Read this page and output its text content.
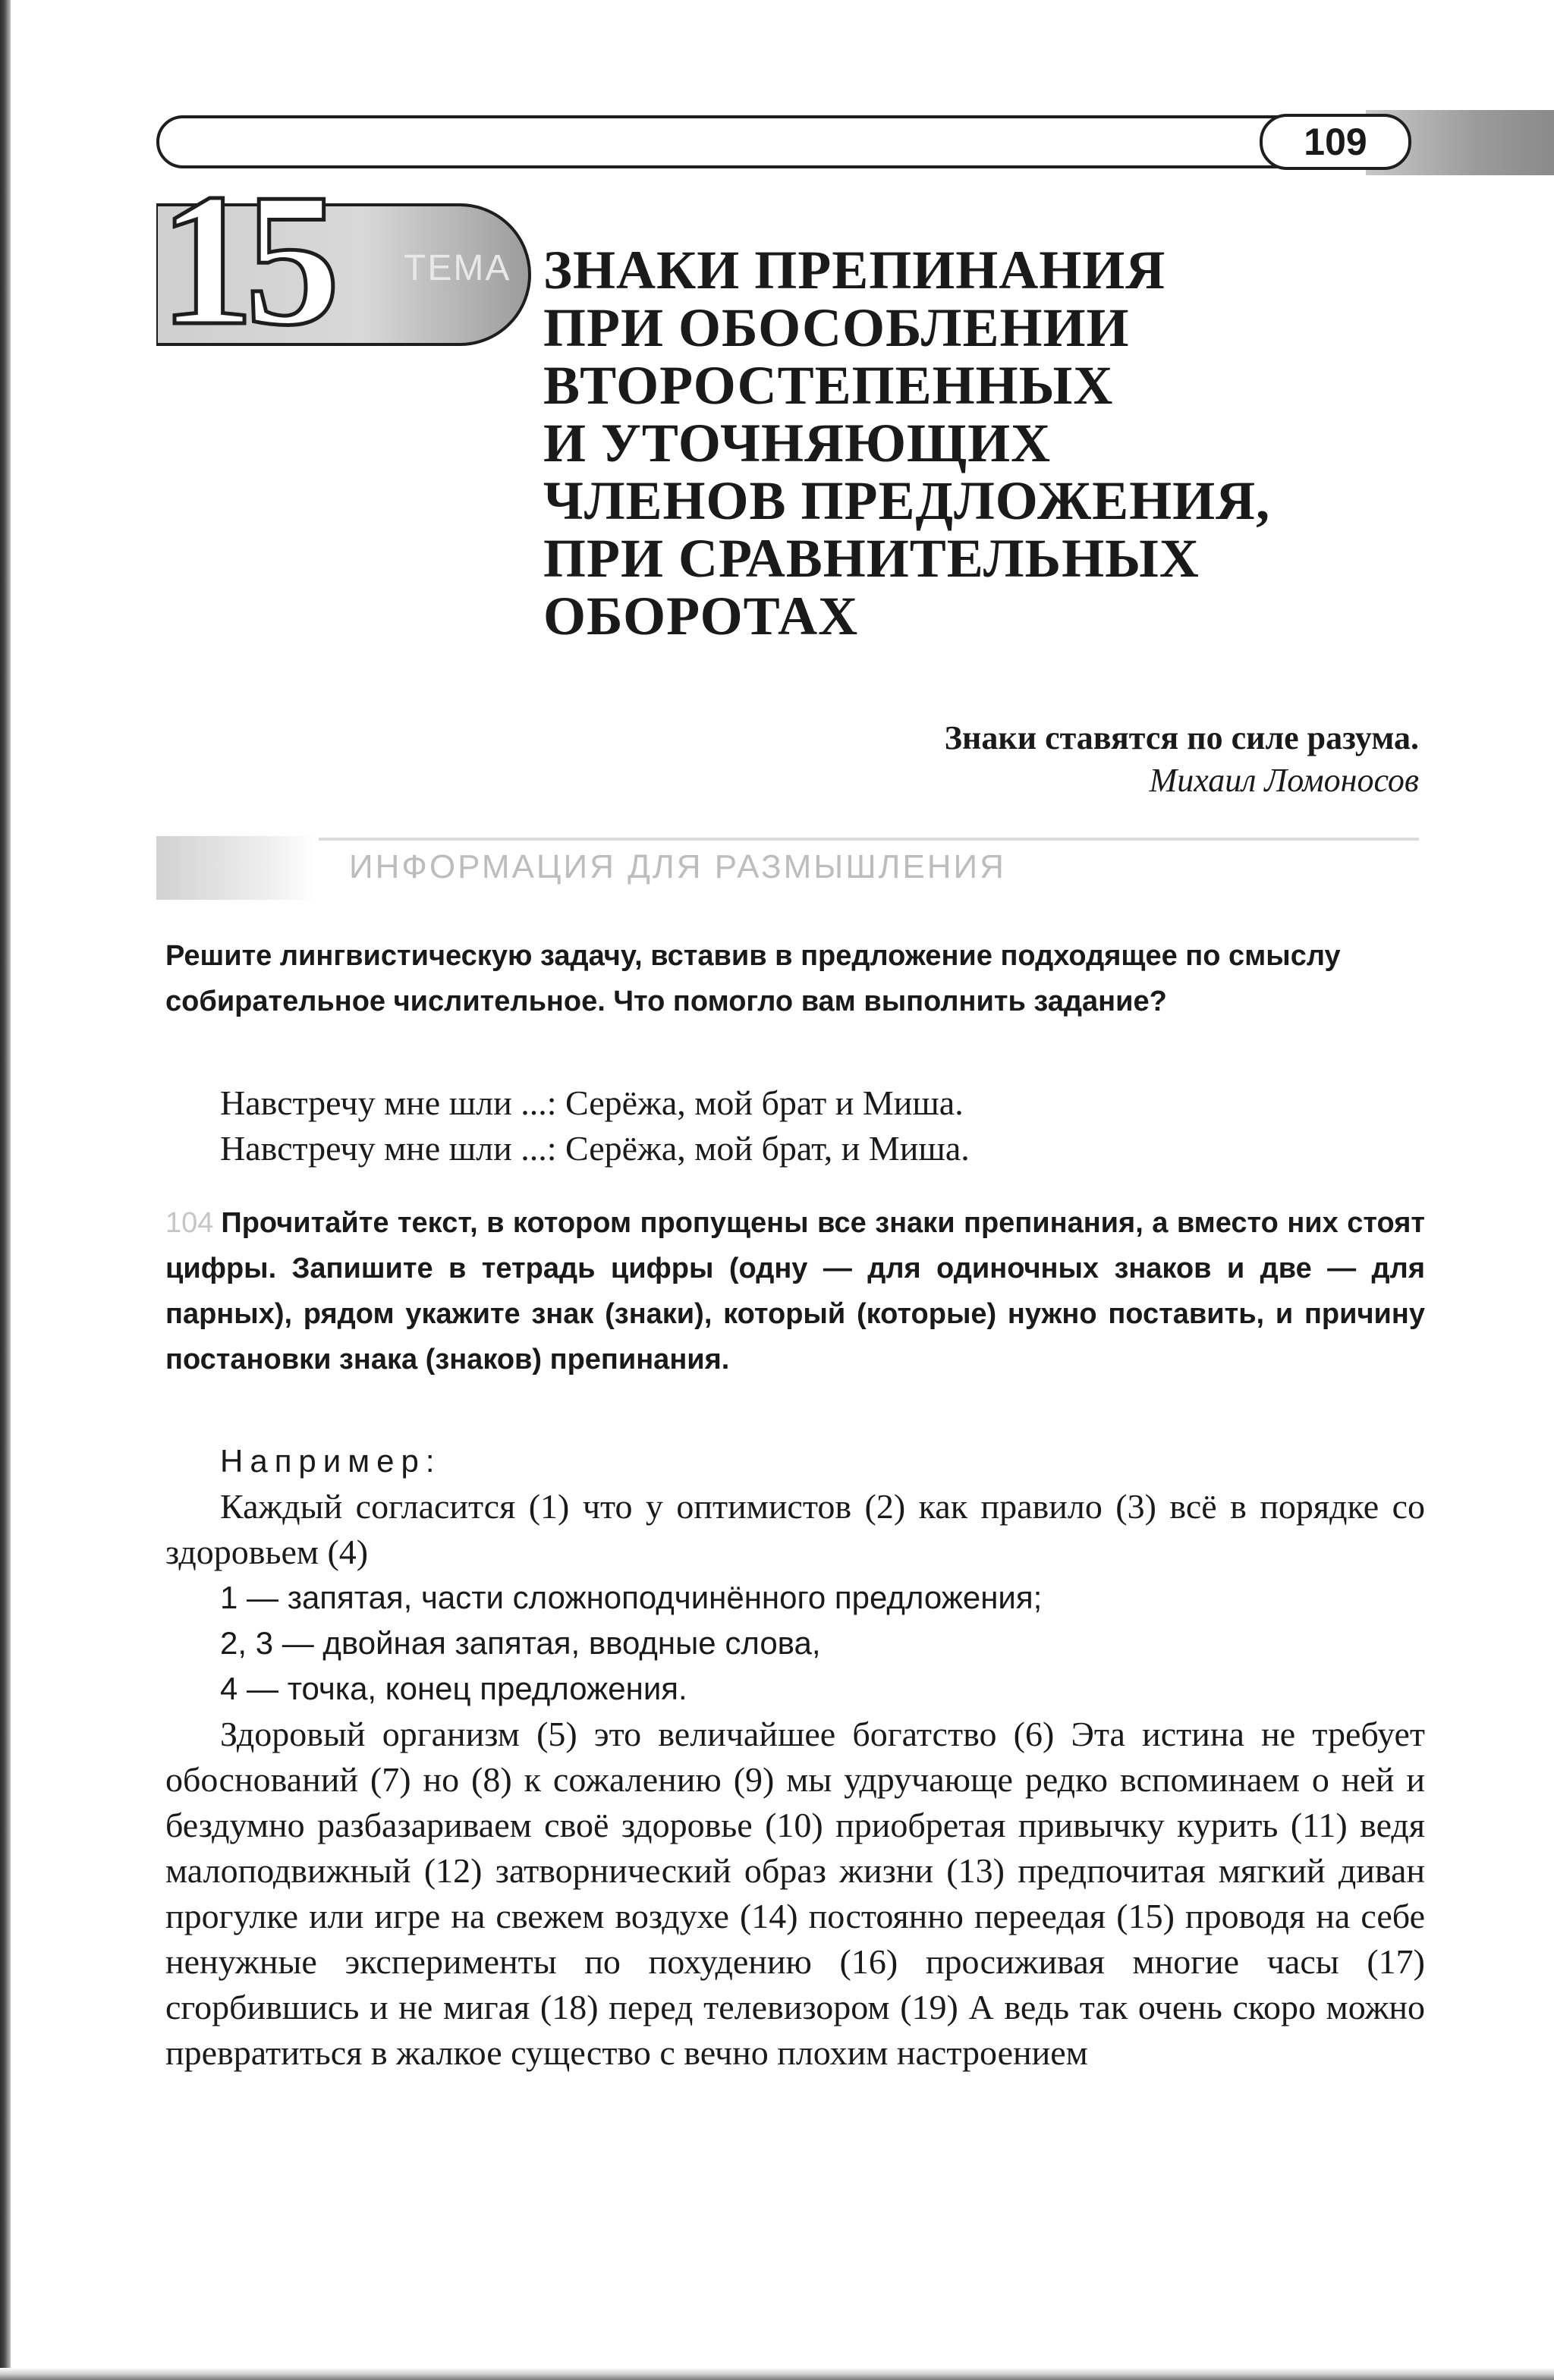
109
15 ТЕМА ЗНАКИ ПРЕПИНАНИЯ
ПРИ ОБОСОБЛЕНИИ
ВТОРОСТЕПЕННЫХ
И УТОЧНЯЮЩИХ
ЧЛЕНОВ ПРЕДЛОЖЕНИЯ,
ПРИ СРАВНИТЕЛЬНЫХ
ОБОРОТАХ
Знаки ставятся по силе разума.
Михаил Ломоносов
ИНФОРМАЦИЯ ДЛЯ РАЗМЫШЛЕНИЯ

Решите лингвистическую задачу, вставив в предложение подходящее по смыслу собирательное числительное. Что помогло вам выполнить задание?

Навстречу мне шли ...: Серёжа, мой брат и Миша.
Навстречу мне шли ...: Серёжа, мой брат, и Миша.

104 Прочитайте текст, в котором пропущены все знаки препинания, а вместо них стоят цифры. Запишите в тетрадь цифры (одну — для одиночных знаков и две — для парных), рядом укажите знак (знаки), который (которые) нужно поставить, и причину постановки знака (знаков) препинания.

Например:

Каждый согласится (1) что у оптимистов (2) как правило (3) всё в порядке со здоровьем (4)

1 — запятая, части сложноподчинённого предложения;
2, 3 — двойная запятая, вводные слова,
4 — точка, конец предложения.

Здоровый организм (5) это величайшее богатство (6) Эта истина не требует обоснований (7) но (8) к сожалению (9) мы удручающе редко вспоминаем о ней и бездумно разбазариваем своё здоровье (10) приобретая привычку курить (11) ведя малоподвижный (12) затворнический образ жизни (13) предпочитая мягкий диван прогулке или игре на свежем воздухе (14) постоянно переедая (15) проводя на себе ненужные эксперименты по похудению (16) просиживая многие часы (17) сгорбившись и не мигая (18) перед телевизором (19) А ведь так очень скоро можно превратиться в жалкое существо с вечно плохим настроением
